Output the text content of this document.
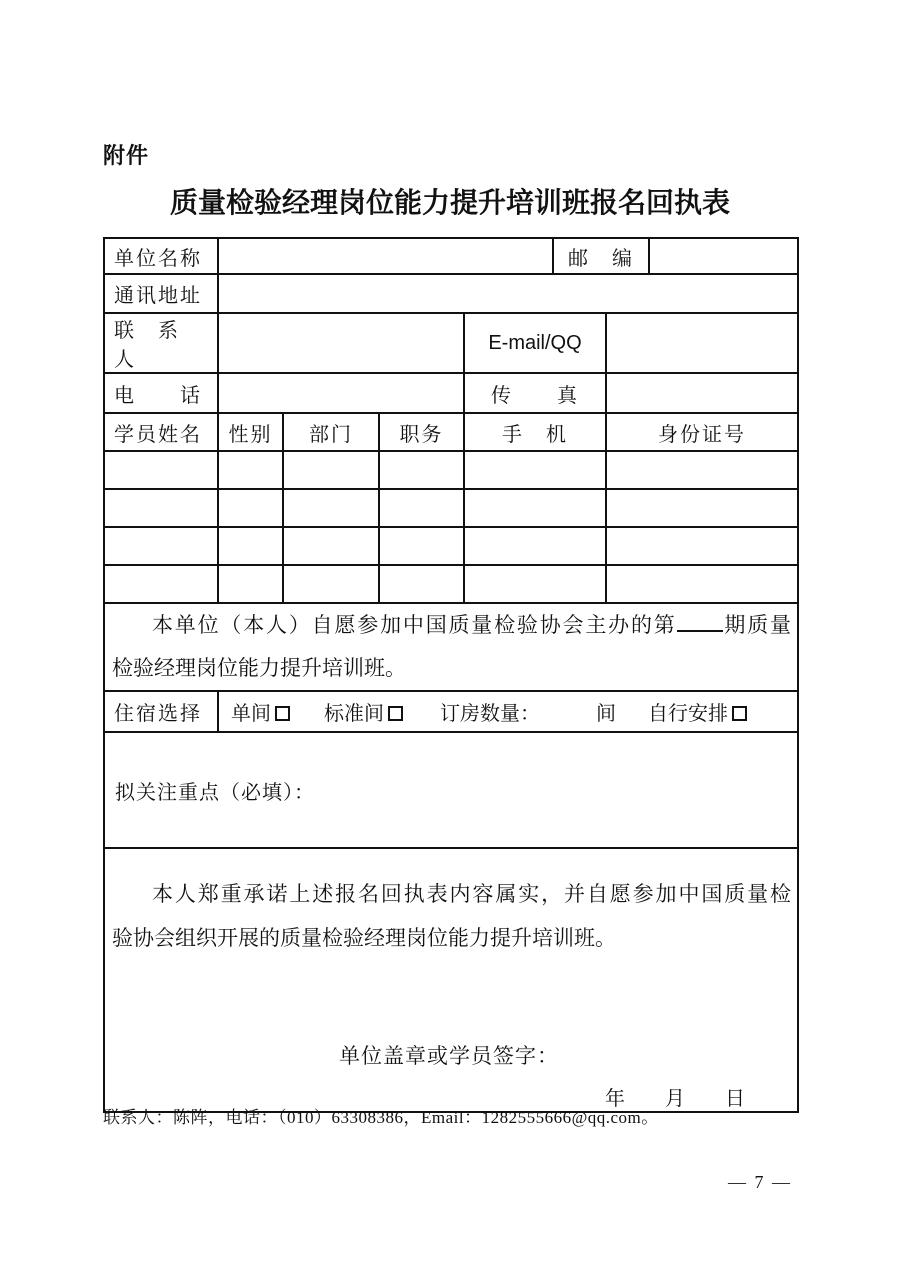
附件
质量检验经理岗位能力提升培训班报名回执表
单位名称					邮　编		
通讯地址							
联　系　人				E-mail/QQ			
电　　话				传　　真			
学员姓名	性别	部门	职务	手　机		身份证号	

本单位（本人）自愿参加中国质量检验协会主办的第 期质量
检验经理岗位能力提升培训班。							

住宿选择	单间 标准间 订房数量： 间 自行安排						

拟关注重点（必填）：							

本人郑重承诺上述报名回执表内容属实，并自愿参加中国质量检
验协会组织开展的质量检验经理岗位能力提升培训班。
单位盖章或学员签字：
年　　月　　日							
联系人：陈阵，电话：（010）63308386，Email：1282555666@qq.com。
— 7 —
